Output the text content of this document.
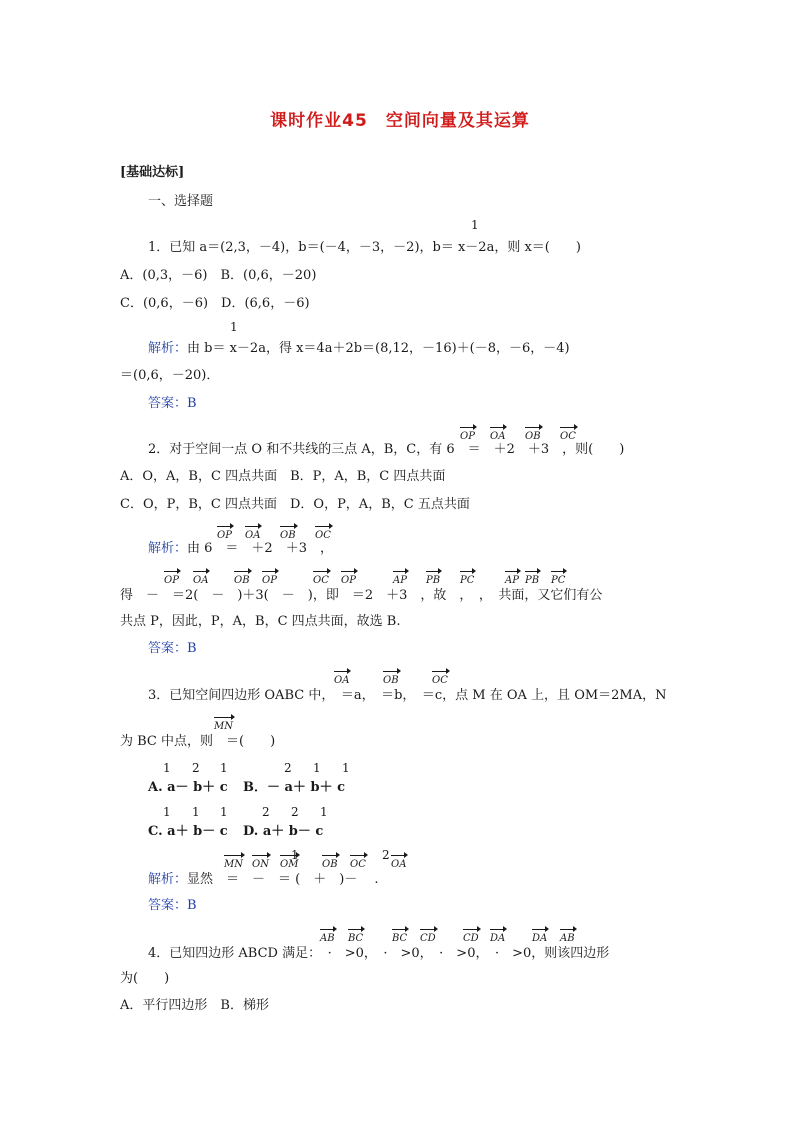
课时作业45　空间向量及其运算
[基础达标]
一、选择题
1
1．已知 a＝(2,3，－4)，b＝(－4，－3，－2)，b＝ x－2a，则 x＝(　　)
A．(0,3，－6)　B．(0,6，－20)
C．(0,6，－6)　D．(6,6，－6)
1
解析：由 b＝ x－2a，得 x＝4a＋2b＝(8,12，－16)＋(－8，－6，－4)
＝(0,6，－20)．
答案：B
OP OA OB OC
2．对于空间一点 O 和不共线的三点 A，B，C，有 6　＝　＋2　＋3　，则(　　)
A．O，A，B，C 四点共面　B．P，A，B，C 四点共面
C．O，P，B，C 四点共面　D．O，P，A，B，C 五点共面
OP OA OB OC
解析：由 6　＝　＋2　＋3　，
OP OA	OB OP	OC OP	AP PB PC	AP PB PC
得　－　＝2(　－　)＋3(　－　)，即　＝2　＋3　，故　，　，　共面，又它们有公
共点 P，因此，P，A，B，C 四点共面，故选 B.
答案：B
OA	OB	OC
3．已知空间四边形 OABC 中，　＝a，　＝b，　＝c，点 M 在 OA 上，且 OM＝2MA，N
MN
为 BC 中点，则　＝(　　)
1 2 1	2 1 1
A. a－ b＋ c B．－ a＋ b＋ c
1 1 1	2 2 1
C. a＋ b－ c D. a＋ b－ c
1	2
MN ON OM OB OC	OA
解析：显然　＝　－　＝ (　＋　)－ 　.
答案：B
AB BC	BC CD	CD DA	DA AB
4．已知四边形 ABCD 满足：　·　>0，　·　>0，　·　>0，　·　>0，则该四边形
为(　　)
A．平行四边形　B．梯形
